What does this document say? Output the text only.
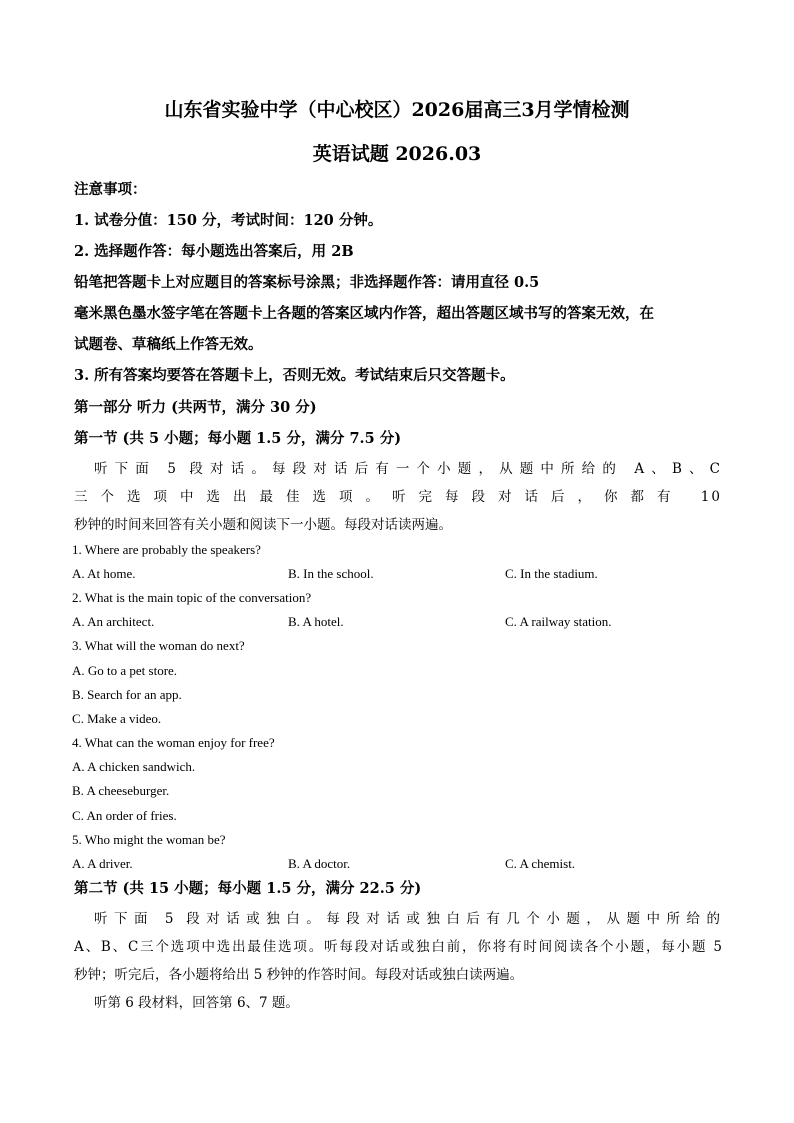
山东省实验中学（中心校区）2026届高三3月学情检测
英语试题 2026.03
注意事项：
1. 试卷分值：150 分，考试时间：120 分钟。
2. 选择题作答：每小题选出答案后，用 2B
铅笔把答题卡上对应题目的答案标号涂黑；非选择题作答：请用直径 0.5
毫米黑色墨水签字笔在答题卡上各题的答案区域内作答，超出答题区域书写的答案无效，在
试题卷、草稿纸上作答无效。
3. 所有答案均要答在答题卡上，否则无效。考试结束后只交答题卡。
第一部分 听力 (共两节，满分 30 分)
第一节 (共 5 小题；每小题 1.5 分，满分 7.5 分)
听下面 5 段对话。每段对话后有一个小题，从题中所给的 A、B、C
三个选项中选出最佳选项。听完每段对话后，你都有 10
秒钟的时间来回答有关小题和阅读下一小题。每段对话读两遍。
1. Where are probably the speakers?
A. At home.	B. In the school.	C. In the stadium.
2. What is the main topic of the conversation?
A. An architect.	B. A hotel.	C. A railway station.
3. What will the woman do next?
A. Go to a pet store.
B. Search for an app.
C. Make a video.
4. What can the woman enjoy for free?
A. A chicken sandwich.
B. A cheeseburger.
C. An order of fries.
5. Who might the woman be?
A. A driver.	B. A doctor.	C. A chemist.
第二节 (共 15 小题；每小题 1.5 分，满分 22.5 分)
听下面 5 段对话或独白。每段对话或独白后有几个小题，从题中所给的
A、B、C三个选项中选出最佳选项。听每段对话或独白前，你将有时间阅读各个小题，每小题 5
秒钟；听完后，各小题将给出 5 秒钟的作答时间。每段对话或独白读两遍。
听第 6 段材料，回答第 6、7 题。
